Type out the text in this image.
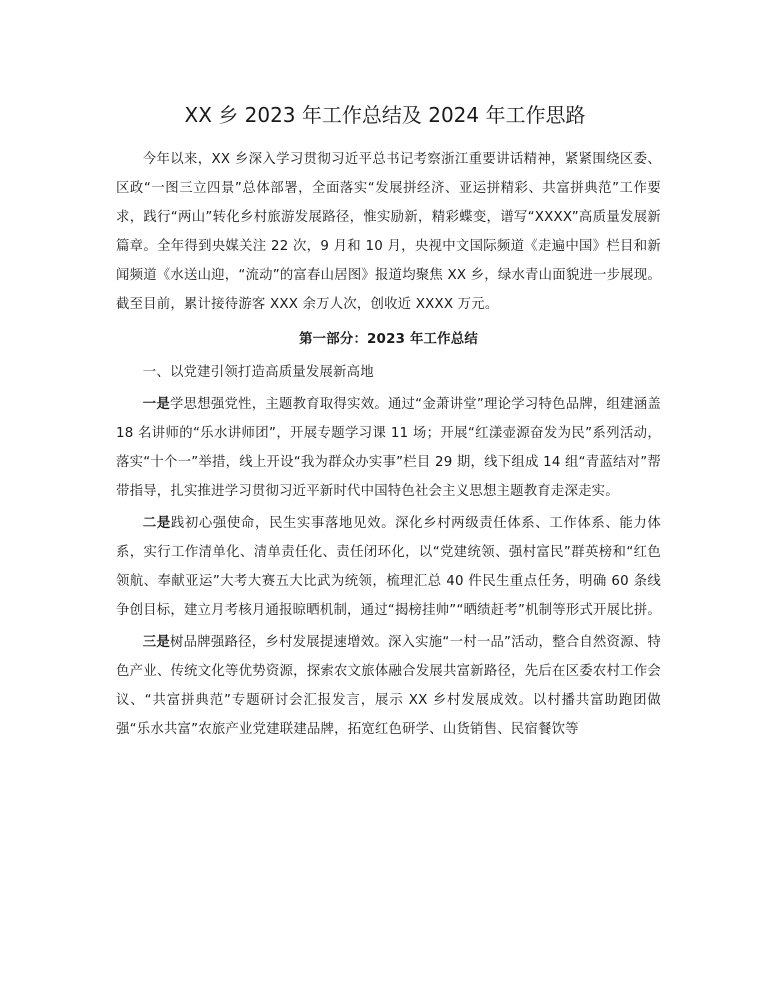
XX 乡 2023 年工作总结及 2024 年工作思路

今年以来，XX 乡深入学习贯彻习近平总书记考察浙江重要讲话精神，紧紧围绕区委、区政“一图三立四景”总体部署，全面落实“发展拼经济、亚运拼精彩、共富拼典范”工作要求，践行“两山”转化乡村旅游发展路径，惟实励新，精彩蝶变，谱写“XXXX”高质量发展新篇章。全年得到央媒关注 22 次，9 月和 10 月，央视中文国际频道《走遍中国》栏目和新闻频道《水送山迎，“流动”的富春山居图》报道均聚焦 XX 乡，绿水青山面貌进一步展现。截至目前，累计接待游客 XXX 余万人次，创收近 XXXX 万元。

第一部分：2023 年工作总结

一、以党建引领打造高质量发展新高地

一是学思想强党性，主题教育取得实效。通过“金萧讲堂”理论学习特色品牌，组建涵盖 18 名讲师的“乐水讲师团”，开展专题学习课 11 场；开展“红漾壶源奋发为民”系列活动，落实“十个一”举措，线上开设“我为群众办实事”栏目 29 期，线下组成 14 组“青蓝结对”帮带指导，扎实推进学习贯彻习近平新时代中国特色社会主义思想主题教育走深走实。

二是践初心强使命，民生实事落地见效。深化乡村两级责任体系、工作体系、能力体系，实行工作清单化、清单责任化、责任闭环化，以“党建统领、强村富民”群英榜和“红色领航、奉献亚运”大考大赛五大比武为统领，梳理汇总 40 件民生重点任务，明确 60 条线争创目标，建立月考核月通报晾晒机制，通过“揭榜挂帅”“晒绩赶考”机制等形式开展比拼。

三是树品牌强路径，乡村发展提速增效。深入实施“一村一品”活动，整合自然资源、特色产业、传统文化等优势资源，探索农文旅体融合发展共富新路径，先后在区委农村工作会议、“共富拼典范”专题研讨会汇报发言，展示 XX 乡村发展成效。以村播共富助跑团做强“乐水共富”农旅产业党建联建品牌，拓宽红色研学、山货销售、民宿餐饮等
